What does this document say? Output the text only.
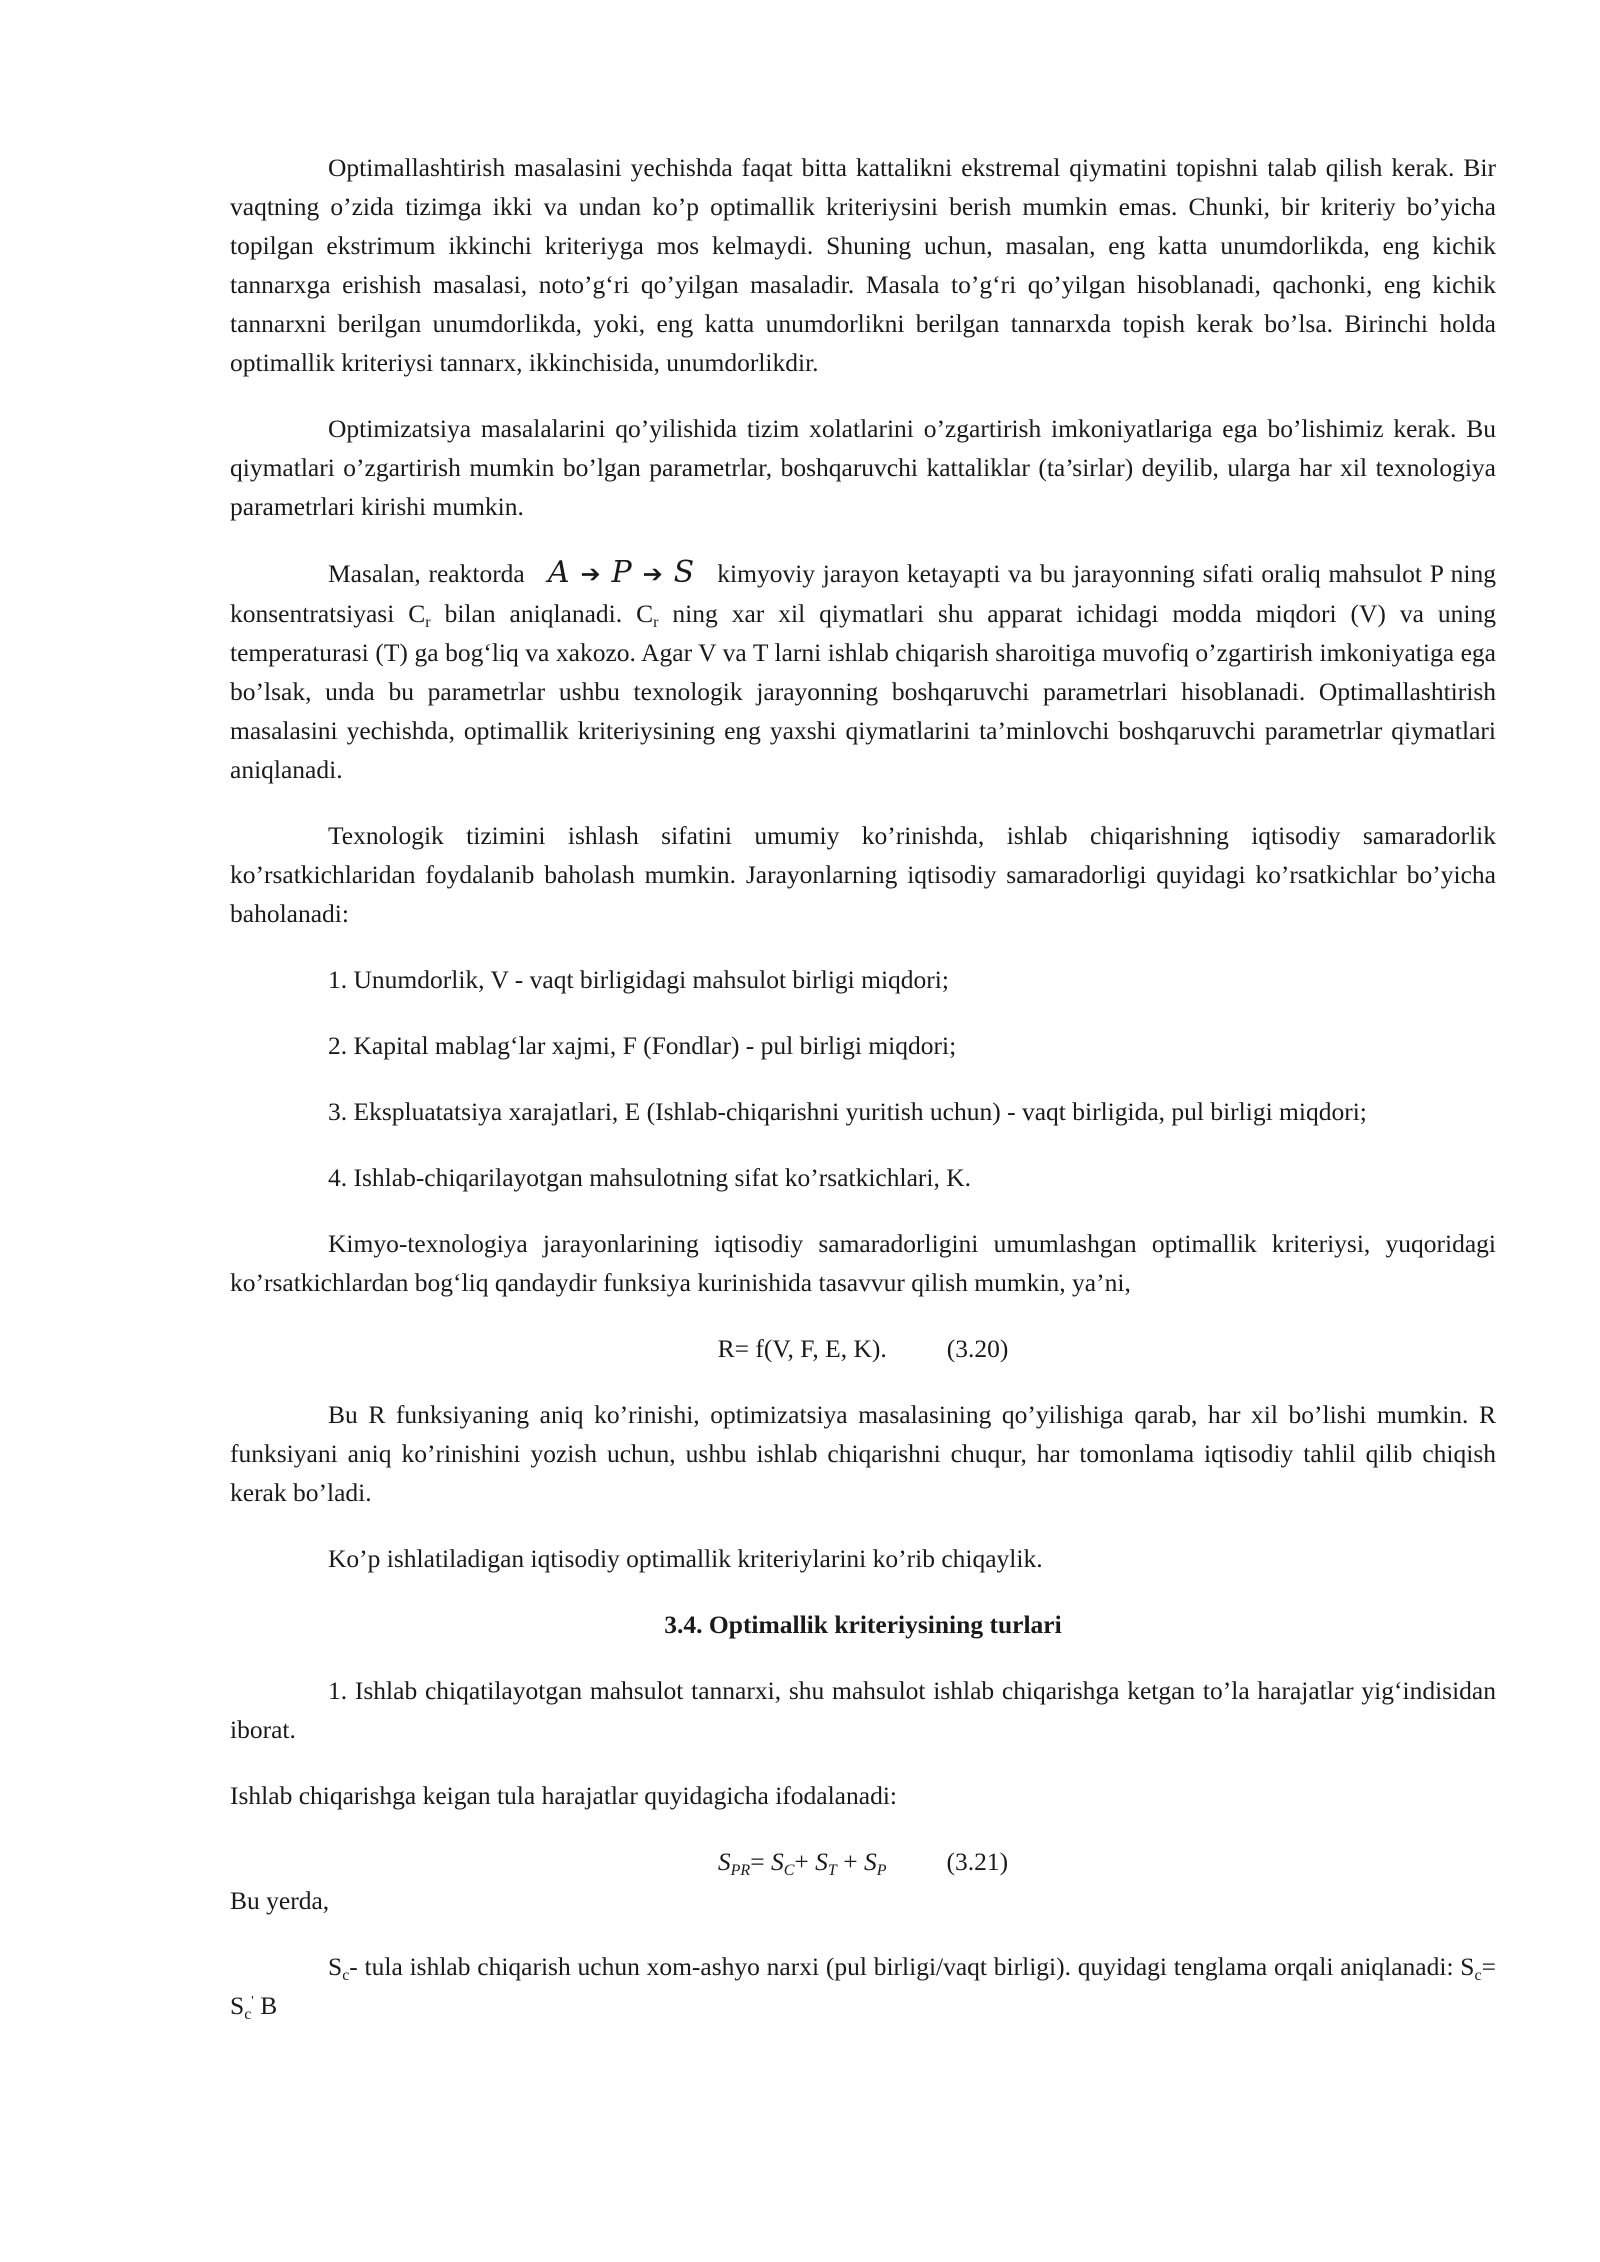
Optimallashtirish masalasini yechishda faqat bitta kattalikni ekstremal qiymatini topishni talab qilish kerak. Bir vaqtning o’zida tizimga ikki va undan ko’p optimallik kriteriysini berish mumkin emas. Chunki, bir kriteriy bo’yicha topilgan ekstrimum ikkinchi kriteriyga mos kelmaydi. Shuning uchun, masalan, eng katta unumdorlikda, eng kichik tannarxga erishish masalasi, noto’g‘ri qo’yilgan masaladir. Masala to’g‘ri qo’yilgan hisoblanadi, qachonki, eng kichik tannarxni berilgan unumdorlikda, yoki, eng katta unumdorlikni berilgan tannarxda topish kerak bo’lsa. Birinchi holda optimallik kriteriysi tannarx, ikkinchisida, unumdorlikdir.

Optimizatsiya masalalarini qo’yilishida tizim xolatlarini o’zgartirish imkoniyatlariga ega bo’lishimiz kerak. Bu qiymatlari o’zgartirish mumkin bo’lgan parametrlar, boshqaruvchi kattaliklar (ta’sirlar) deyilib, ularga har xil texnologiya parametrlari kirishi mumkin.

Masalan, reaktorda A ➔ P ➔ S kimyoviy jarayon ketayapti va bu jarayonning sifati oraliq mahsulot P ning konsentratsiyasi $C_r$ bilan aniqlanadi. $C_r$ ning xar xil qiymatlari shu apparat ichidagi modda miqdori (V) va uning temperaturasi (T) ga bog‘liq va xakozo. Agar V va T larni ishlab chiqarish sharoitiga muvofiq o’zgartirish imkoniyatiga ega bo’lsak, unda bu parametrlar ushbu texnologik jarayonning boshqaruvchi parametrlari hisoblanadi. Optimallashtirish masalasini yechishda, optimallik kriteriysining eng yaxshi qiymatlarini ta’minlovchi boshqaruvchi parametrlar qiymatlari aniqlanadi.

Texnologik tizimini ishlash sifatini umumiy ko’rinishda, ishlab chiqarishning iqtisodiy samaradorlik ko’rsatkichlaridan foydalanib baholash mumkin. Jarayonlarning iqtisodiy samaradorligi quyidagi ko’rsatkichlar bo’yicha baholanadi:

1. Unumdorlik, V - vaqt birligidagi mahsulot birligi miqdori;

2. Kapital mablag‘lar xajmi, F (Fondlar) - pul birligi miqdori;

3. Ekspluatatsiya xarajatlari, E (Ishlab-chiqarishni yuritish uchun) - vaqt birligida, pul birligi miqdori;

4. Ishlab-chiqarilayotgan mahsulotning sifat ko’rsatkichlari, K.

Kimyo-texnologiya jarayonlarining iqtisodiy samaradorligini umumlashgan optimallik kriteriysi, yuqoridagi ko’rsatkichlardan bog‘liq qandaydir funksiya kurinishida tasavvur qilish mumkin, ya’ni,

R= f(V, F, E, K). (3.20)

Bu R funksiyaning aniq ko’rinishi, optimizatsiya masalasining qo’yilishiga qarab, har xil bo’lishi mumkin. R funksiyani aniq ko’rinishini yozish uchun, ushbu ishlab chiqarishni chuqur, har tomonlama iqtisodiy tahlil qilib chiqish kerak bo’ladi.

Ko’p ishlatiladigan iqtisodiy optimallik kriteriylarini ko’rib chiqaylik.

3.4. Optimallik kriteriysining turlari

1. Ishlab chiqatilayotgan mahsulot tannarxi, shu mahsulot ishlab chiqarishga ketgan to’la harajatlar yig‘indisidan iborat.

Ishlab chiqarishga keigan tula harajatlar quyidagicha ifodalanadi:

$S_{PR}= S_C+ S_T + S_P$ (3.21)

Bu yerda,

$S_c-$ tula ishlab chiqarish uchun xom-ashyo narxi (pul birligi/vaqt birligi). quyidagi tenglama orqali aniqlanadi: $S_c= S_c'$ B
